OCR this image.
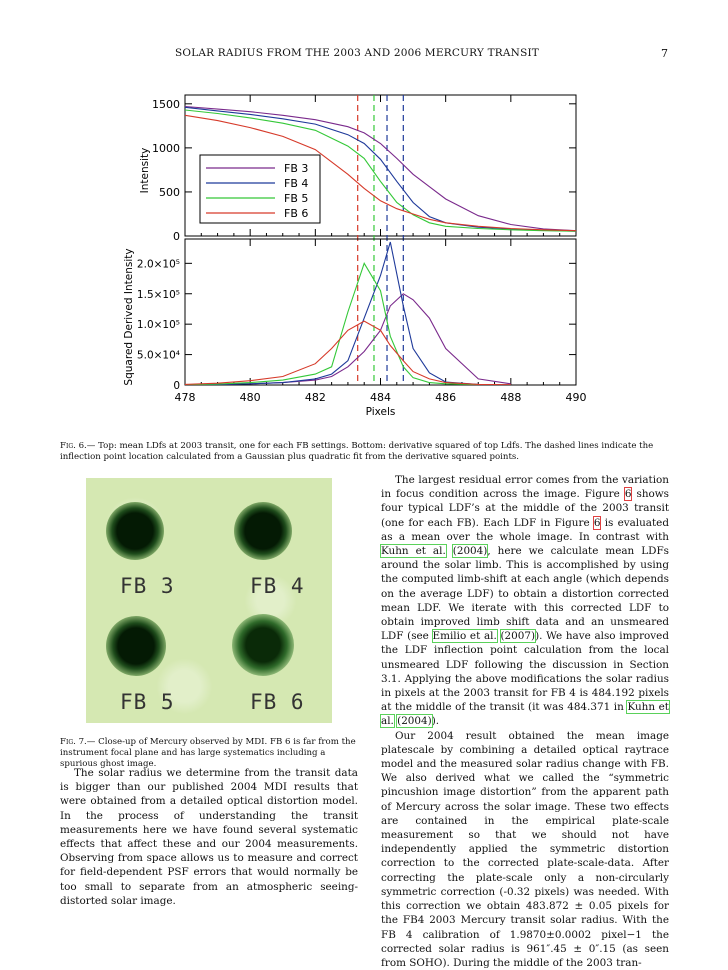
SOLAR RADIUS FROM THE 2003 AND 2006 MERCURY TRANSIT	7
0
500
1000
1500
Intensity	FB 3
FB 4
FB 5
FB 6
478	480	482	484	486	488	490
0
5.0×10⁴
1.0×10⁵
1.5×10⁵
2.0×10⁵
Squared Derived Intensity
Pixels
Fig. 6.— Top: mean LDfs at 2003 transit, one for each FB settings. Bottom: derivative squared of top Ldfs. The dashed lines indicate the inflection point location calculated from a Gaussian plus quadratic fit from the derivative squared points.
FB 3	FB 4
FB 5	FB 6
Fig. 7.— Close-up of Mercury observed by MDI. FB 6 is far from the instrument focal plane and has large systematics including a spurious ghost image.

The solar radius we determine from the transit data is bigger than our published 2004 MDI results that were obtained from a detailed optical distortion model. In the process of understanding the transit measurements here we have found several systematic effects that affect these and our 2004 measurements. Observing from space allows us to measure and correct for field-dependent PSF errors that would normally be too small to separate from an atmospheric seeing-distorted solar image.

The largest residual error comes from the variation in focus condition across the image. Figure 6 shows four typical LDF’s at the middle of the 2003 transit (one for each FB). Each LDF in Figure 6 is evaluated as a mean over the whole image. In contrast with Kuhn et al. (2004), here we calculate mean LDFs around the solar limb. This is accomplished by using the computed limb-shift at each angle (which depends on the average LDF) to obtain a distortion corrected mean LDF. We iterate with this corrected LDF to obtain improved limb shift data and an unsmeared LDF (see Emilio et al. (2007)). We have also improved the LDF inflection point calculation from the local unsmeared LDF following the discussion in Section 3.1. Applying the above modifications the solar radius in pixels at the 2003 transit for FB 4 is 484.192 pixels at the middle of the transit (it was 484.371 in Kuhn et al. (2004)).

Our 2004 result obtained the mean image platescale by combining a detailed optical raytrace model and the measured solar radius change with FB. We also derived what we called the “symmetric pincushion image distortion” from the apparent path of Mercury across the solar image. These two effects are contained in the empirical plate-scale measurement so that we should not have independently applied the symmetric distortion correction to the corrected plate-scale-data. After correcting the plate-scale only a non-circularly symmetric correction (-0.32 pixels) was needed. With this correction we obtain 483.872 ± 0.05 pixels for the FB4 2003 Mercury transit solar radius. With the FB 4 calibration of 1.9870±0.0002 pixel−1 the corrected solar radius is 961″.45 ± 0″.15 (as seen from SOHO). During the middle of the 2003 tran-
